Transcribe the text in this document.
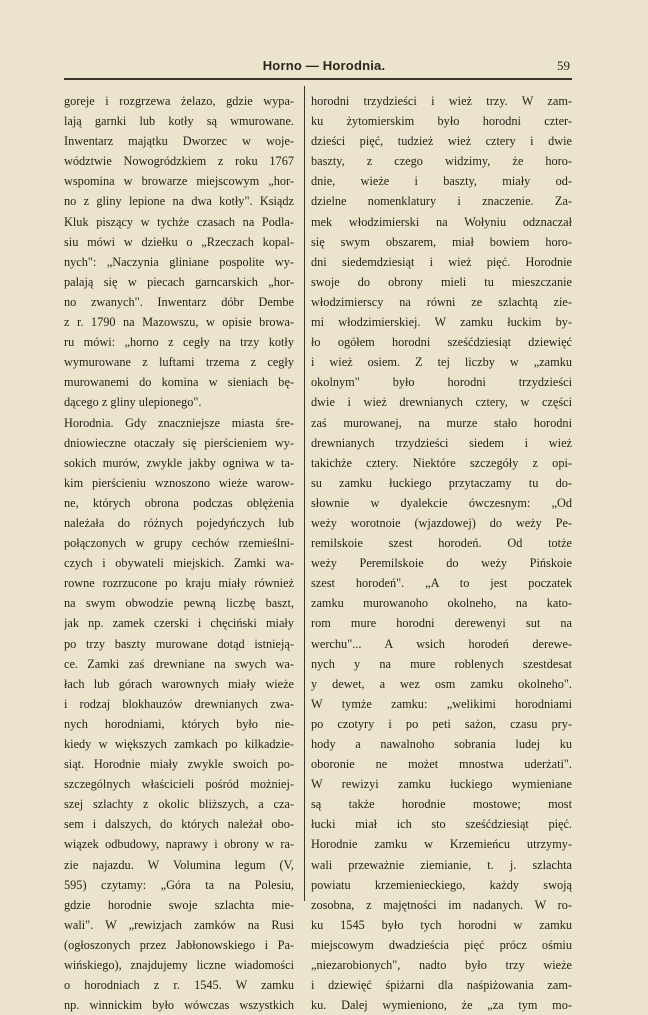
Horno — Horodnia.	59
goreje i rozgrzewa żelazo, gdzie wypa-
lają garnki lub kotły są wmurowane.
Inwentarz majątku Dworzec w woje-
wództwie Nowogródzkiem z roku 1767
wspomina w browarze miejscowym „hor-
no z gliny lepione na dwa kotły". Ksiądz
Kluk piszący w tychże czasach na Podla-
siu mówi w dziełku o „Rzeczach kopal-
nych": „Naczynia gliniane pospolite wy-
palają się w piecach garncarskich „hor-
no zwanych". Inwentarz dóbr Dembe
z r. 1790 na Mazowszu, w opisie browa-
ru mówi: „horno z cegły na trzy kotły
wymurowane z luftami trzema z cegły
murowanemi do komina w sieniach bę-
dącego z gliny ulepionego".
Horodnia. Gdy znaczniejsze miasta śre-
dniowieczne otaczały się pierścieniem wy-
sokich murów, zwykle jakby ogniwa w ta-
kim pierścieniu wznoszono wieże warow-
ne, których obrona podczas oblężenia
należała do różnych pojedyńczych lub
połączonych w grupy cechów rzemieślni-
czych i obywateli miejskich. Zamki wa-
rowne rozrzucone po kraju miały również
na swym obwodzie pewną liczbę baszt,
jak np. zamek czerski i chęciński miały
po trzy baszty murowane dotąd istnieją-
ce. Zamki zaś drewniane na swych wa-
łach lub górach warownych miały wieże
i rodzaj blokhauzów drewnianych zwa-
nych horodniami, których było nie-
kiedy w większych zamkach po kilkadzie-
siąt. Horodnie miały zwykle swoich po-
szczególnych właścicieli pośród możniej-
szej szlachty z okolic bliższych, a cza-
sem i dalszych, do których należał obo-
wiązek odbudowy, naprawy i obrony w ra-
zie najazdu. W Volumina legum (V,
595) czytamy: „Góra ta na Polesiu,
gdzie horodnie swoje szlachta mie-
wali". W „rewizjach zamków na Rusi
(ogłoszonych przez Jabłonowskiego i Pa-
wińskiego), znajdujemy liczne wiadomości
o horodniach z r. 1545. W zamku
np. winnickim było wówczas wszystkich
horodni trzydzieści i wież trzy. W zam-
ku żytomierskim było horodni czter-
dzieści pięć, tudzież wież cztery i dwie
baszty, z czego widzimy, że horo-
dnie, wieże i baszty, miały od-
dzielne nomenklatury i znaczenie. Za-
mek włodzimierski na Wołyniu odznaczał
się swym obszarem, miał bowiem horo-
dni siedemdziesiąt i wież pięć. Horodnie
swoje do obrony mieli tu mieszczanie
włodzimierscy na równi ze szlachtą zie-
mi włodzimierskiej. W zamku łuckim by-
ło ogółem horodni sześćdziesiąt dziewięć
i wież osiem. Z tej liczby w „zamku
okolnym" było horodni trzydzieści
dwie i wież drewnianych cztery, w części
zaś murowanej, na murze stało horodni
drewnianych trzydzieści siedem i wież
takichże cztery. Niektóre szczegóły z opi-
su zamku łuckiego przytaczamy tu do-
słownie w dyalekcie ówczesnym: „Od
weży worotnoie (wjazdowej) do weży Pe-
remilskoie szest horodeń. Od totże
weży Peremilskoie do weży Pińskoie
szest horodeń". „A to jest poczatek
zamku murowanoho okolneho, na kato-
rom mure horodni derewenyi sut na
werchu"... A wsich horodeń derewe-
nych y na mure roblenych szestdesat
y dewet, a wez osm zamku okolneho".
W tymże zamku: „welikimi horodniami
po czotyry i po peti sażon, czasu pry-
hody a nawalnoho sobrania ludej ku
oboronie ne możet mnostwa uderżati".
W rewizyi zamku łuckiego wymieniane
są także horodnie mostowe; most
łucki miał ich sto sześćdziesiąt pięć.
Horodnie zamku w Krzemieńcu utrzymy-
wali przeważnie ziemianie, t. j. szlachta
powiatu krzemienieckiego, każdy swoją
zosobna, z majętności im nadanych. W ro-
ku 1545 było tych horodni w zamku
miejscowym dwadzieścia pięć prócz ośmiu
„niezarobionych", nadto było trzy wieże
i dziewięć śpiżarni dla naśpiżowania zam-
ku. Dalej wymieniono, że „za tym mo-
